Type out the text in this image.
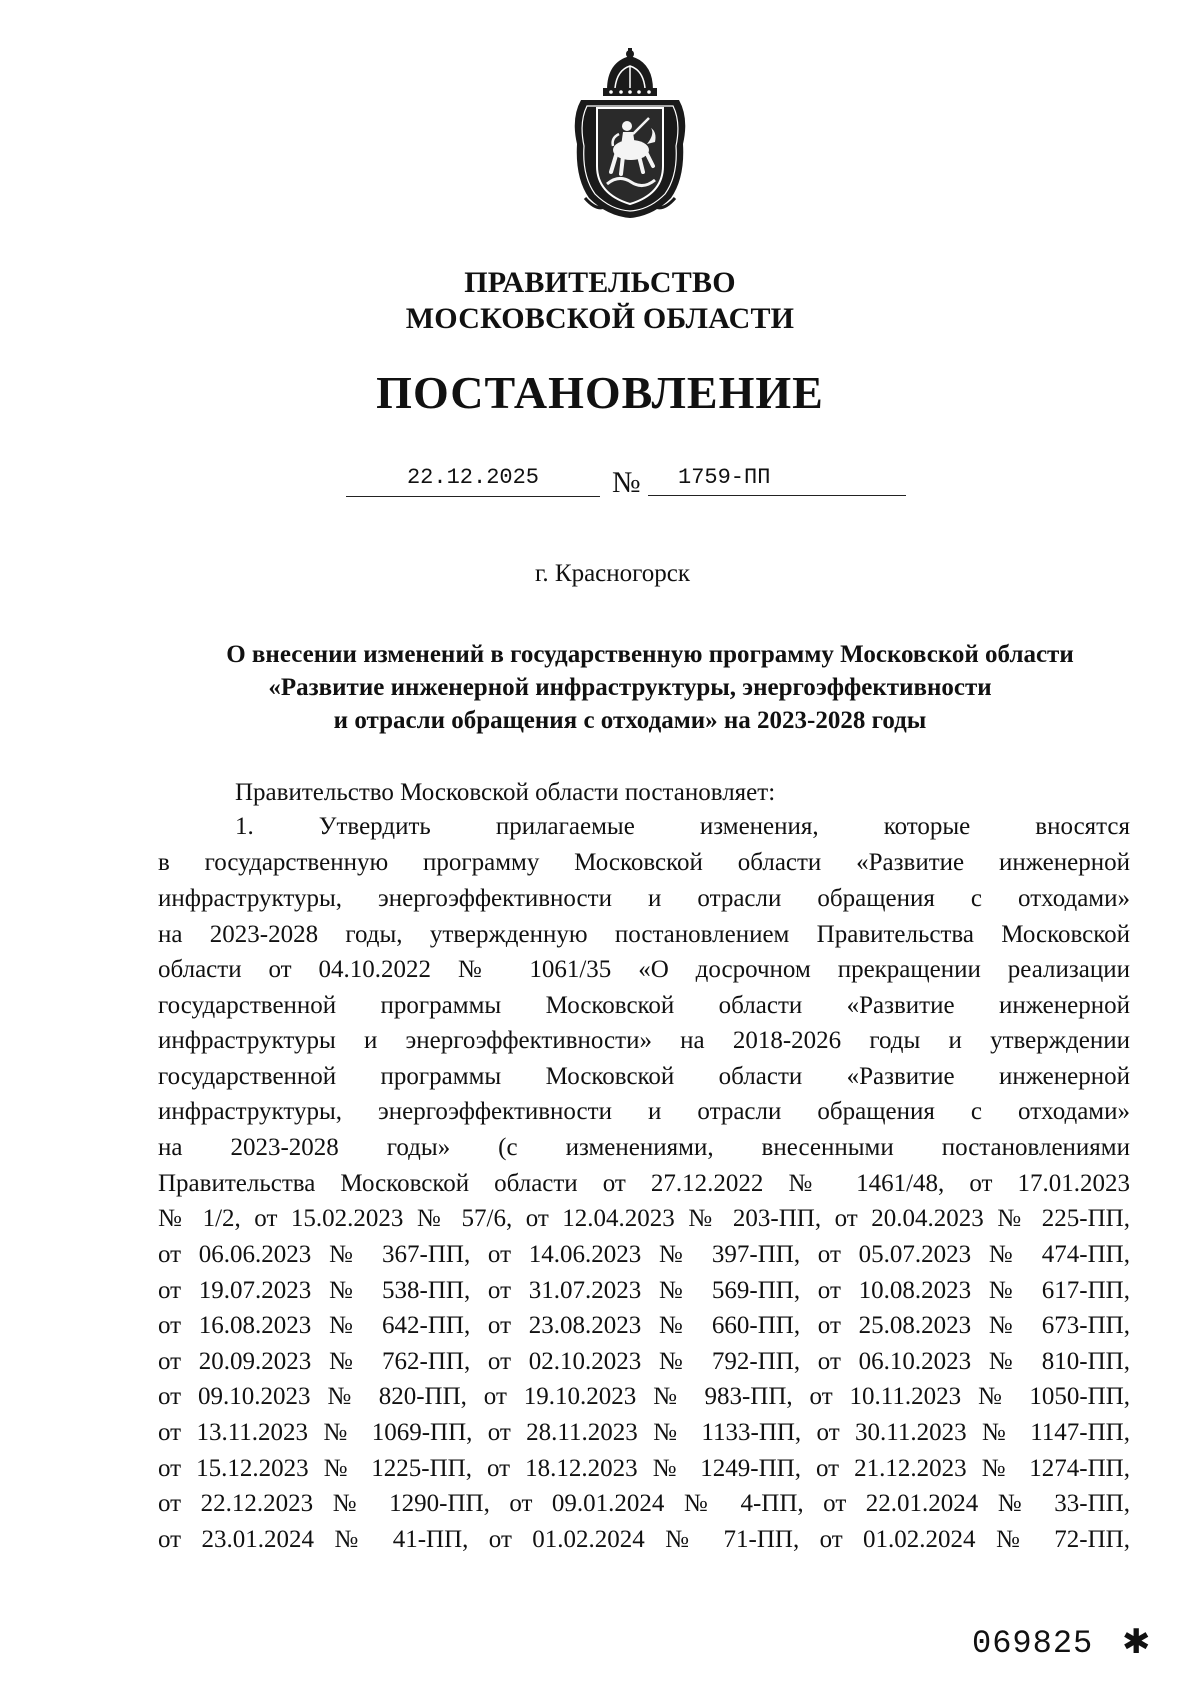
ПРАВИТЕЛЬСТВО
МОСКОВСКОЙ ОБЛАСТИ
ПОСТАНОВЛЕНИЕ
22.12.2025	№	1759-ПП
г. Красногорск
О внесении изменений в государственную программу Московской области
«Развитие инженерной инфраструктуры, энергоэффективности
и отрасли обращения с отходами» на 2023-2028 годы
Правительство Московской области постановляет:
1. Утвердить прилагаемые изменения, которые вносятся
в государственную программу Московской области «Развитие инженерной
инфраструктуры, энергоэффективности и отрасли обращения с отходами»
на 2023-2028 годы, утвержденную постановлением Правительства Московской
области от 04.10.2022 № 1061/35 «О досрочном прекращении реализации
государственной программы Московской области «Развитие инженерной
инфраструктуры и энергоэффективности» на 2018-2026 годы и утверждении
государственной программы Московской области «Развитие инженерной
инфраструктуры, энергоэффективности и отрасли обращения с отходами»
на 2023-2028 годы» (с изменениями, внесенными постановлениями
Правительства Московской области от 27.12.2022 № 1461/48, от 17.01.2023
№ 1/2, от 15.02.2023 № 57/6, от 12.04.2023 № 203-ПП, от 20.04.2023 № 225-ПП,
от 06.06.2023 № 367-ПП, от 14.06.2023 № 397-ПП, от 05.07.2023 № 474-ПП,
от 19.07.2023 № 538-ПП, от 31.07.2023 № 569-ПП, от 10.08.2023 № 617-ПП,
от 16.08.2023 № 642-ПП, от 23.08.2023 № 660-ПП, от 25.08.2023 № 673-ПП,
от 20.09.2023 № 762-ПП, от 02.10.2023 № 792-ПП, от 06.10.2023 № 810-ПП,
от 09.10.2023 № 820-ПП, от 19.10.2023 № 983-ПП, от 10.11.2023 № 1050-ПП,
от 13.11.2023 № 1069-ПП, от 28.11.2023 № 1133-ПП, от 30.11.2023 № 1147-ПП,
от 15.12.2023 № 1225-ПП, от 18.12.2023 № 1249-ПП, от 21.12.2023 № 1274-ПП,
от 22.12.2023 № 1290-ПП, от 09.01.2024 № 4-ПП, от 22.01.2024 № 33-ПП,
от 23.01.2024 № 41-ПП, от 01.02.2024 № 71-ПП, от 01.02.2024 № 72-ПП,
069825 ✱
